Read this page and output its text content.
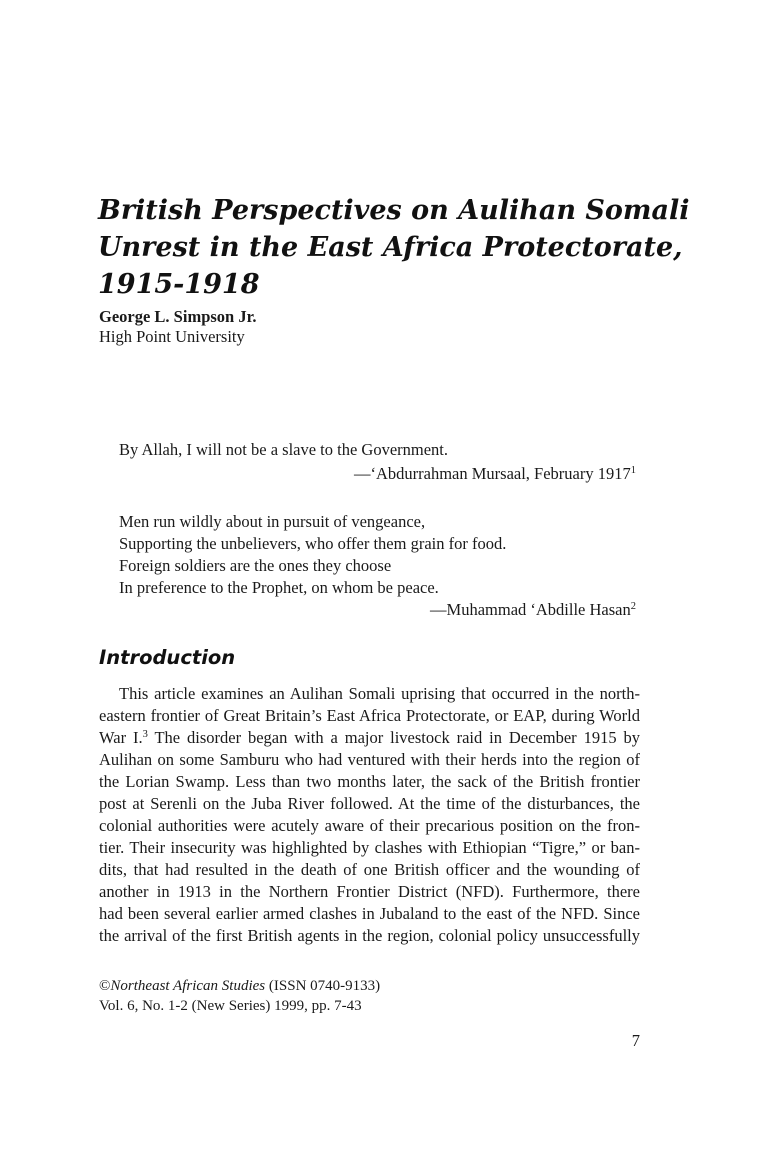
British Perspectives on Aulihan Somali
Unrest in the East Africa Protectorate,
1915-1918
George L. Simpson Jr.
High Point University
By Allah, I will not be a slave to the Government.
—‘Abdurrahman Mursaal, February 1917$^1$
Men run wildly about in pursuit of vengeance,
Supporting the unbelievers, who offer them grain for food.
Foreign soldiers are the ones they choose
In preference to the Prophet, on whom be peace.
—Muhammad ‘Abdille Hasan$^2$
Introduction
This article examines an Aulihan Somali uprising that occurred in the north-
eastern frontier of Great Britain’s East Africa Protectorate, or EAP, during World
War I.$^3$ The disorder began with a major livestock raid in December 1915 by
Aulihan on some Samburu who had ventured with their herds into the region of
the Lorian Swamp. Less than two months later, the sack of the British frontier
post at Serenli on the Juba River followed. At the time of the disturbances, the
colonial authorities were acutely aware of their precarious position on the fron-
tier. Their insecurity was highlighted by clashes with Ethiopian “Tigre,” or ban-
dits, that had resulted in the death of one British officer and the wounding of
another in 1913 in the Northern Frontier District (NFD). Furthermore, there
had been several earlier armed clashes in Jubaland to the east of the NFD. Since
the arrival of the first British agents in the region, colonial policy unsuccessfully
©Northeast African Studies (ISSN 0740-9133)
Vol. 6, No. 1-2 (New Series) 1999, pp. 7-43
7
